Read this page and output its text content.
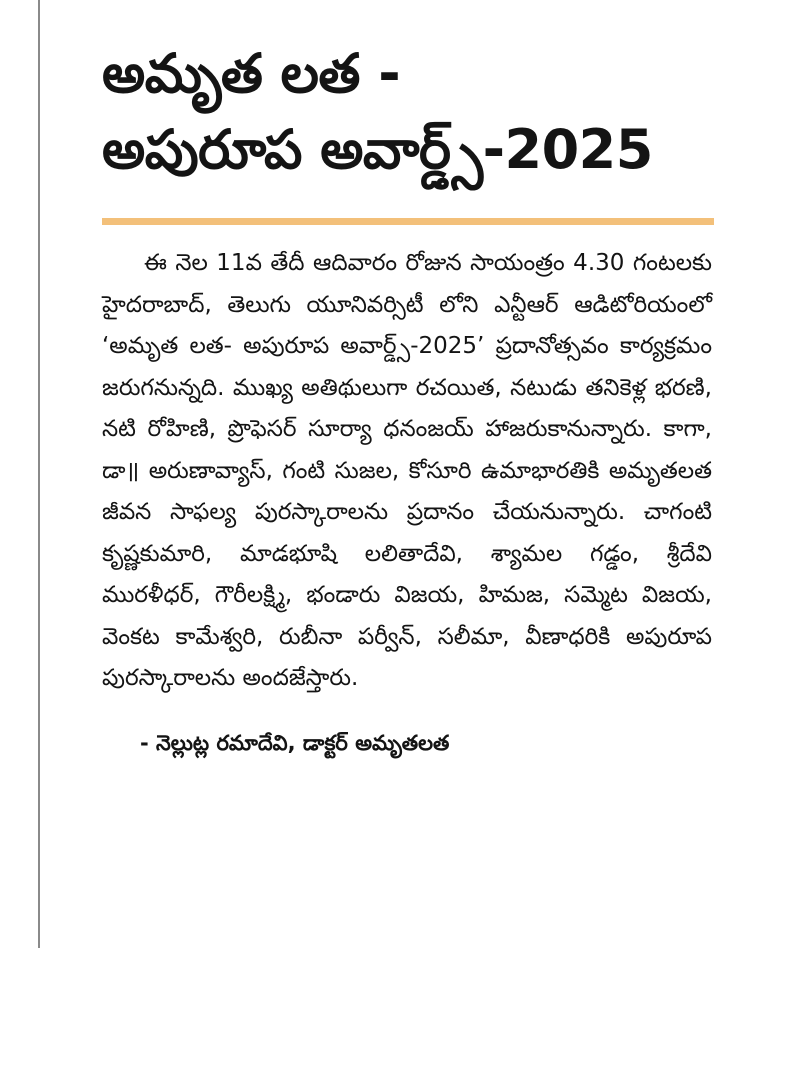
అమృత లత -
అపురూప అవార్డ్స్-2025

ఈ నెల 11వ తేదీ ఆదివారం రోజున సాయంత్రం 4.30 గంటలకు హైదరాబాద్, తెలుగు యూనివర్సిటీ లోని ఎన్టీఆర్ ఆడిటోరియంలో ‘అమృత లత- అపురూప అవార్డ్స్-2025’ ప్రదానోత్సవం కార్యక్రమం జరుగనున్నది. ముఖ్య అతిథులుగా రచయిత, నటుడు తనికెళ్ల భరణి, నటి రోహిణి, ప్రొఫెసర్ సూర్యా ధనంజయ్ హాజరుకానున్నారు. కాగా, డా॥ అరుణావ్యాస్, గంటి సుజల, కోసూరి ఉమాభారతికి అమృతలత జీవన సాఫల్య పురస్కారాలను ప్రదానం చేయనున్నారు. చాగంటి కృష్ణకుమారి, మాడభూషి లలితాదేవి, శ్యామల గడ్డం, శ్రీదేవి మురళీధర్, గౌరీలక్ష్మి, భండారు విజయ, హిమజ, సమ్మెట విజయ, వెంకట కామేశ్వరి, రుబీనా పర్వీన్, సలీమా, వీణాధరికి అపురూప పురస్కారాలను అందజేస్తారు.

- నెల్లుట్ల రమాదేవి, డాక్టర్ అమృతలత
